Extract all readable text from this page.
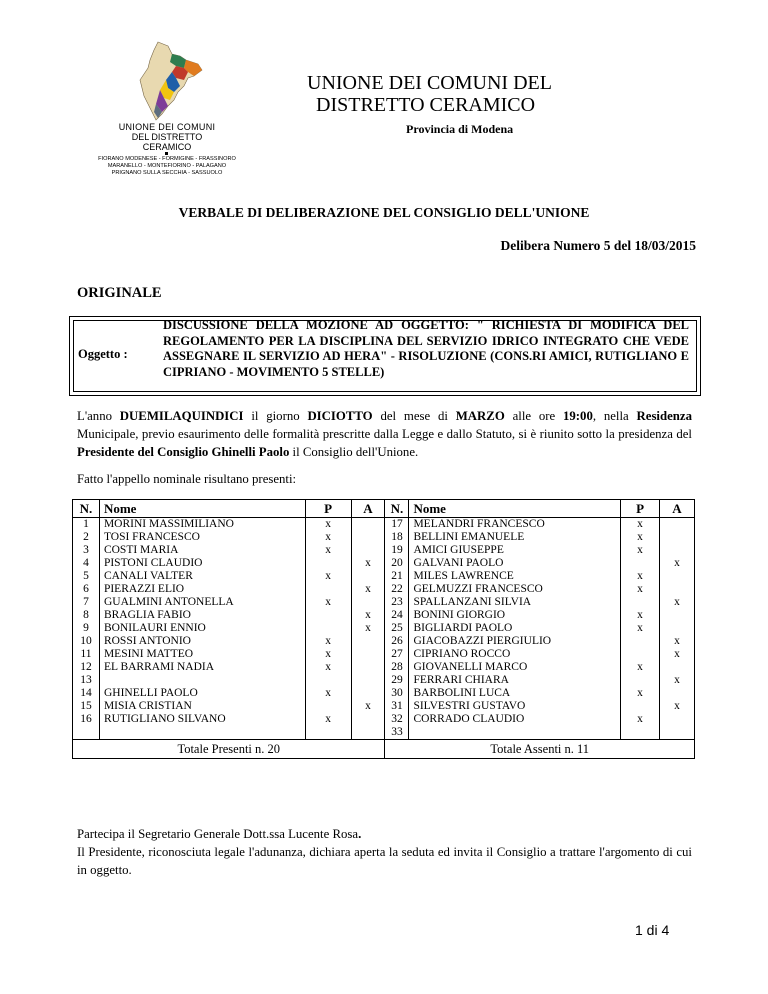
UNIONE DEI COMUNI
DEL DISTRETTO
CERAMICO
FIORANO MODENESE - FORMIGINE - FRASSINORO
MARANELLO - MONTEFIORINO - PALAGANO
PRIGNANO SULLA SECCHIA - SASSUOLO
UNIONE DEI COMUNI DEL
DISTRETTO CERAMICO
Provincia di Modena
VERBALE DI DELIBERAZIONE DEL CONSIGLIO DELL'UNIONE
Delibera Numero 5 del 18/03/2015
ORIGINALE
Oggetto :
DISCUSSIONE DELLA MOZIONE AD OGGETTO: " RICHIESTA DI MODIFICA DEL REGOLAMENTO PER LA DISCIPLINA DEL SERVIZIO IDRICO INTEGRATO CHE VEDE ASSEGNARE IL SERVIZIO AD HERA" - RISOLUZIONE (CONS.RI AMICI, RUTIGLIANO E CIPRIANO - MOVIMENTO 5 STELLE)
L'anno DUEMILAQUINDICI il giorno DICIOTTO del mese di MARZO alle ore 19:00, nella Residenza Municipale, previo esaurimento delle formalità prescritte dalla Legge e dallo Statuto, si è riunito sotto la presidenza del Presidente del Consiglio Ghinelli Paolo il Consiglio dell'Unione.
Fatto l'appello nominale risultano presenti:
N.	Nome	P	A	N.	Nome	P	A
1	MORINI MASSIMILIANO	x		17	MELANDRI FRANCESCO	x	
2	TOSI FRANCESCO	x		18	BELLINI EMANUELE	x	
3	COSTI MARIA	x		19	AMICI GIUSEPPE	x	
4	PISTONI CLAUDIO		x	20	GALVANI PAOLO		x
5	CANALI VALTER	x		21	MILES LAWRENCE	x	
6	PIERAZZI ELIO		x	22	GELMUZZI FRANCESCO	x	
7	GUALMINI ANTONELLA	x		23	SPALLANZANI SILVIA		x
8	BRAGLIA FABIO		x	24	BONINI GIORGIO	x	
9	BONILAURI ENNIO		x	25	BIGLIARDI PAOLO	x	
10	ROSSI ANTONIO	x		26	GIACOBAZZI PIERGIULIO		x
11	MESINI MATTEO	x		27	CIPRIANO ROCCO		x
12	EL BARRAMI NADIA	x		28	GIOVANELLI MARCO	x	
13				29	FERRARI CHIARA		x
14	GHINELLI PAOLO	x		30	BARBOLINI LUCA	x	
15	MISIA CRISTIAN		x	31	SILVESTRI GUSTAVO		x
16	RUTIGLIANO SILVANO	x		32	CORRADO CLAUDIO	x	
				33			
Totale Presenti n. 20				Totale Assenti n. 11			
Partecipa il Segretario Generale Dott.ssa Lucente Rosa.
Il Presidente, riconosciuta legale l'adunanza, dichiara aperta la seduta ed invita il Consiglio a trattare l'argomento di cui in oggetto.
1 di 4
